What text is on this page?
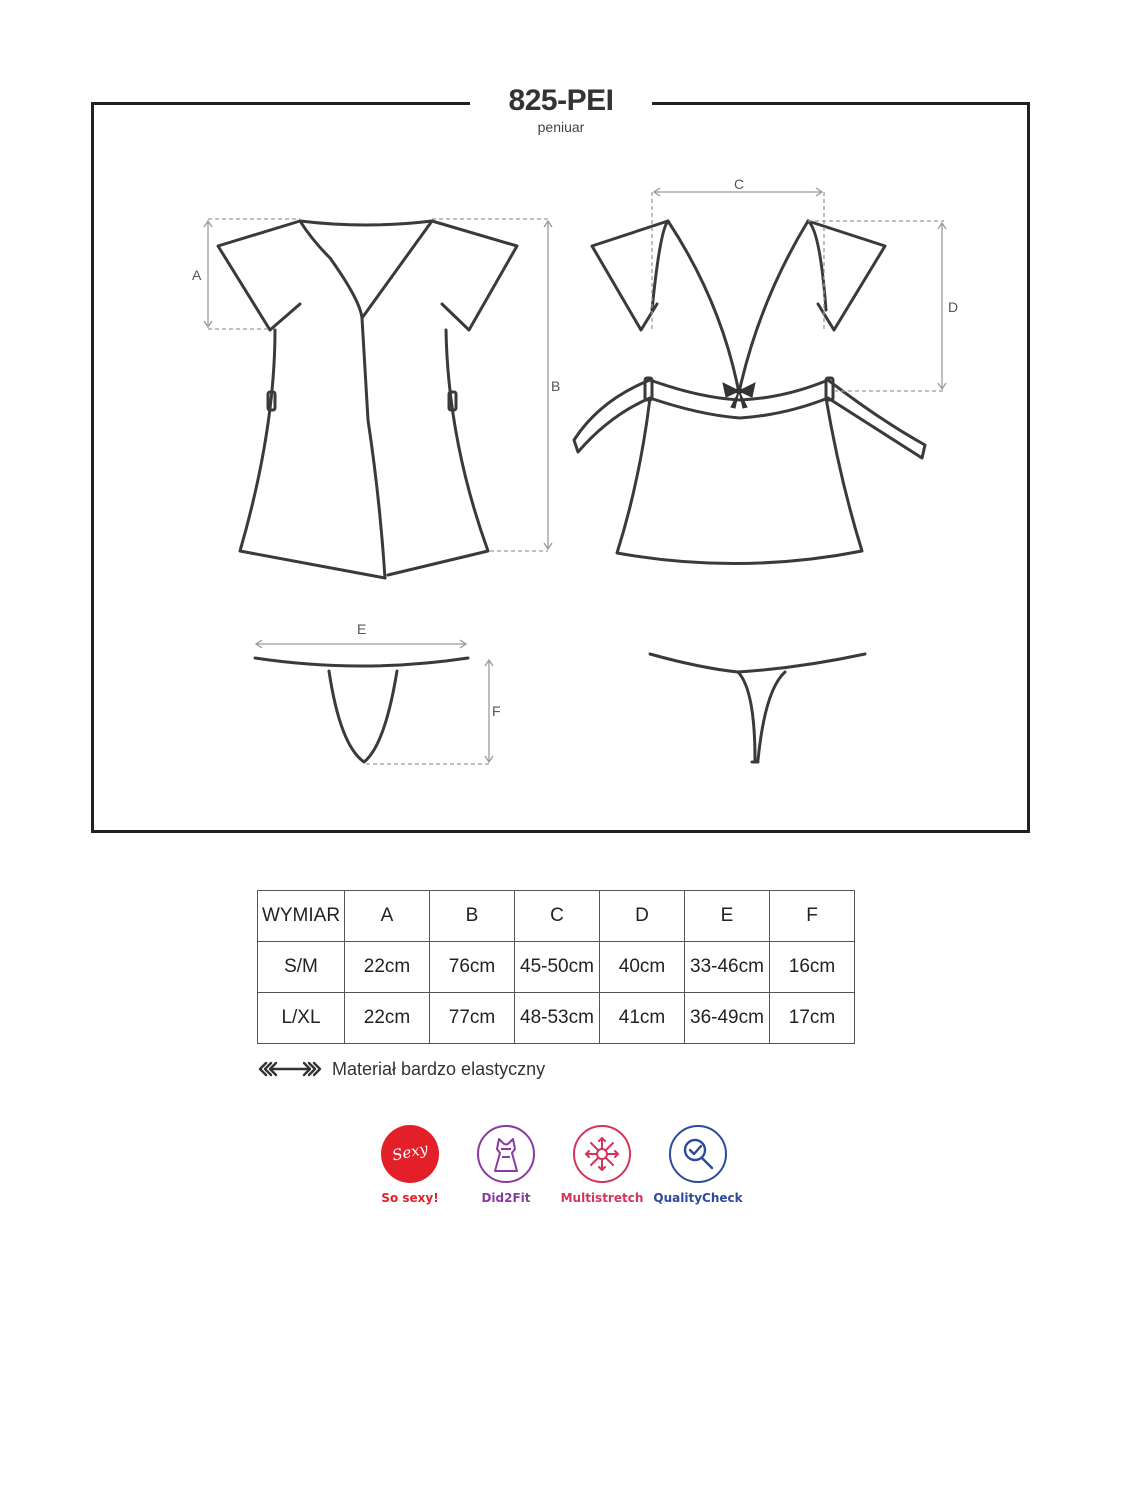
825-PEI
peniuar
A
B
C
D
E
F
WYMIAR	A	B	C	D	E	F
S/M	22cm	76cm	45-50cm	40cm	33-46cm	16cm
L/XL	22cm	77cm	48-53cm	41cm	36-49cm	17cm
Materiał bardzo elastyczny
Sexy
So sexy!	Did2Fit	Multistretch QualityCheck
